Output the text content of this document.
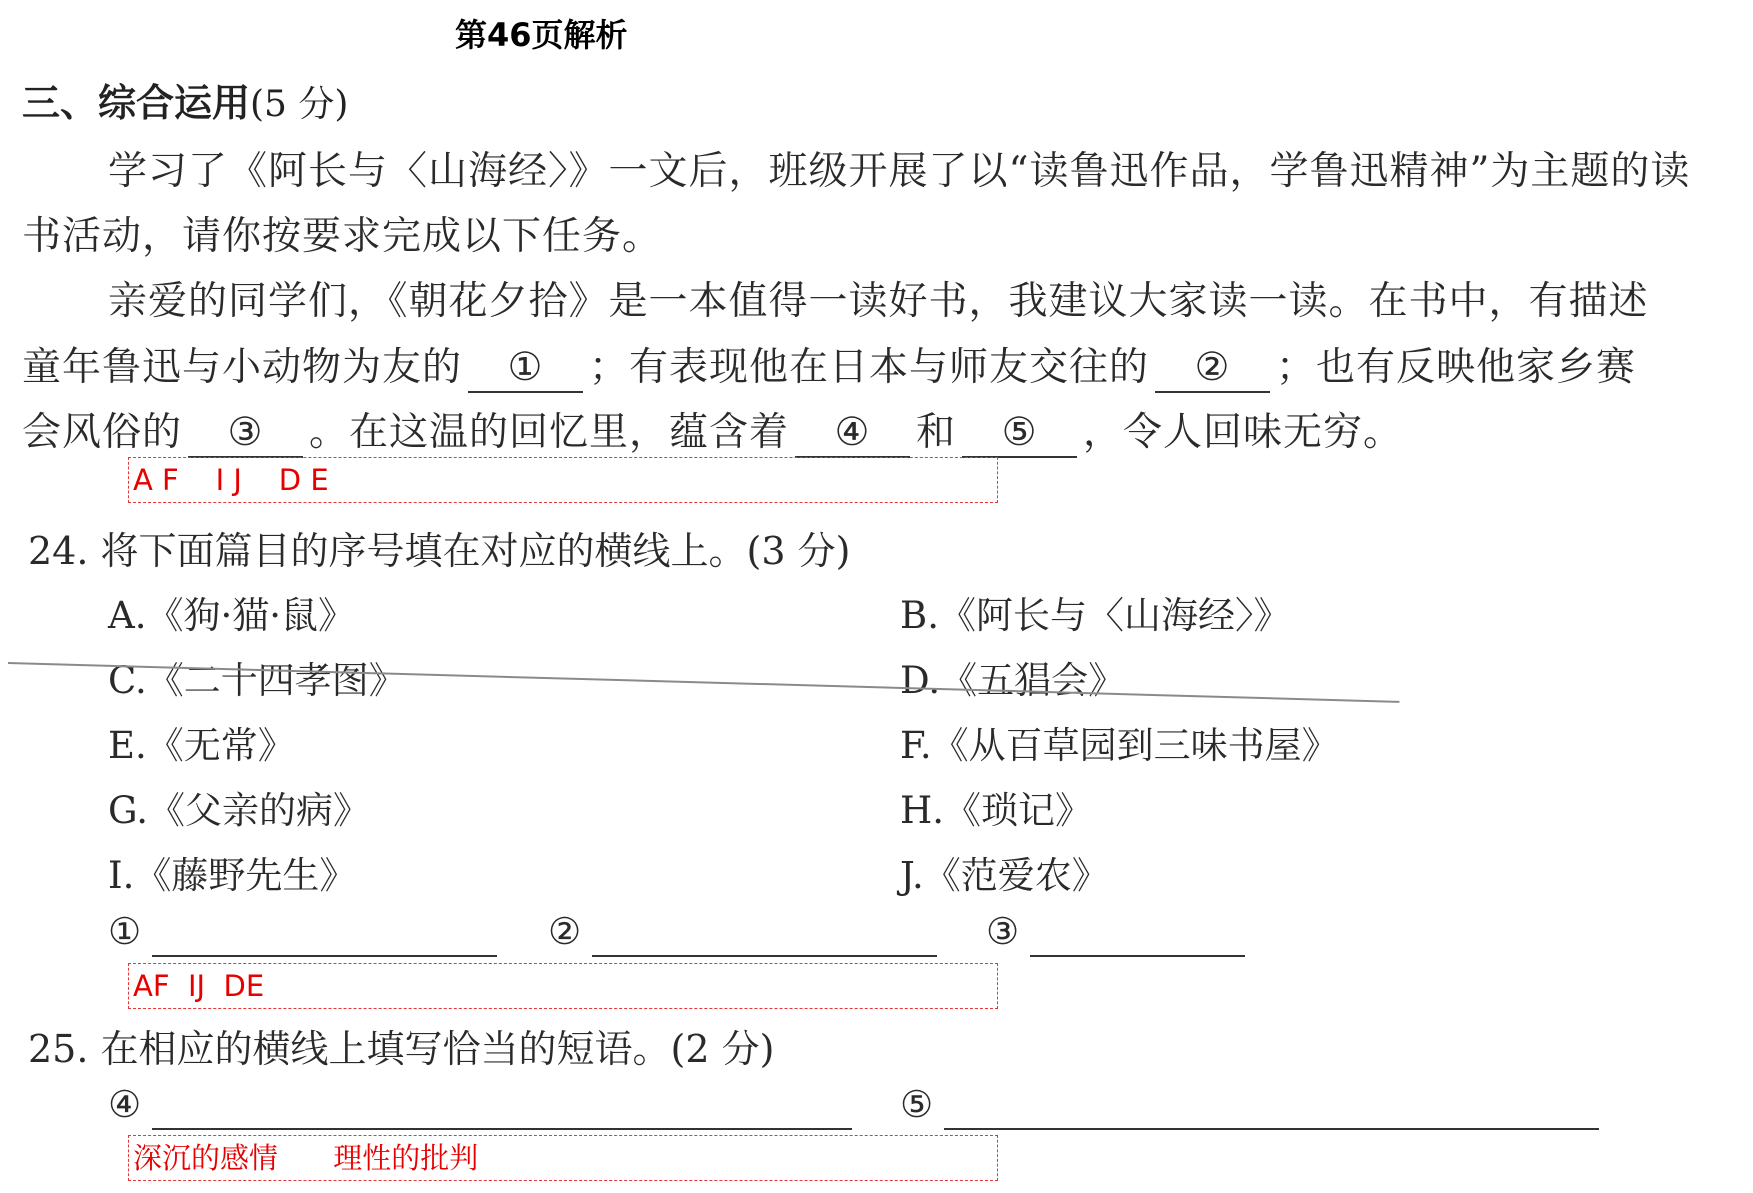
第46页解析
三、综合运用(5 分)
学习了《阿长与〈山海经〉》一文后，班级开展了以“读鲁迅作品，学鲁迅精神”为主题的读
书活动，请你按要求完成以下任务。
亲爱的同学们，《朝花夕拾》是一本值得一读好书，我建议大家读一读。在书中，有描述
童年鲁迅与小动物为友的 ① ；有表现他在日本与师友交往的 ② ；也有反映他家乡赛
会风俗的 ③ 。在这温的回忆里，蕴含着 ④ 和 ⑤ ，令人回味无穷。
A F    I J    D E
24. 将下面篇目的序号填在对应的横线上。(3 分)
A.《狗·猫·鼠》	B.《阿长与〈山海经〉》
C.《二十四孝图》	D.《五猖会》
E.《无常》	F.《从百草园到三味书屋》
G.《父亲的病》	H.《琐记》
I.《藤野先生》	J.《范爱农》
①	②	③
AF  IJ  DE
25. 在相应的横线上填写恰当的短语。(2 分)
④	⑤
深沉的感情      理性的批判
